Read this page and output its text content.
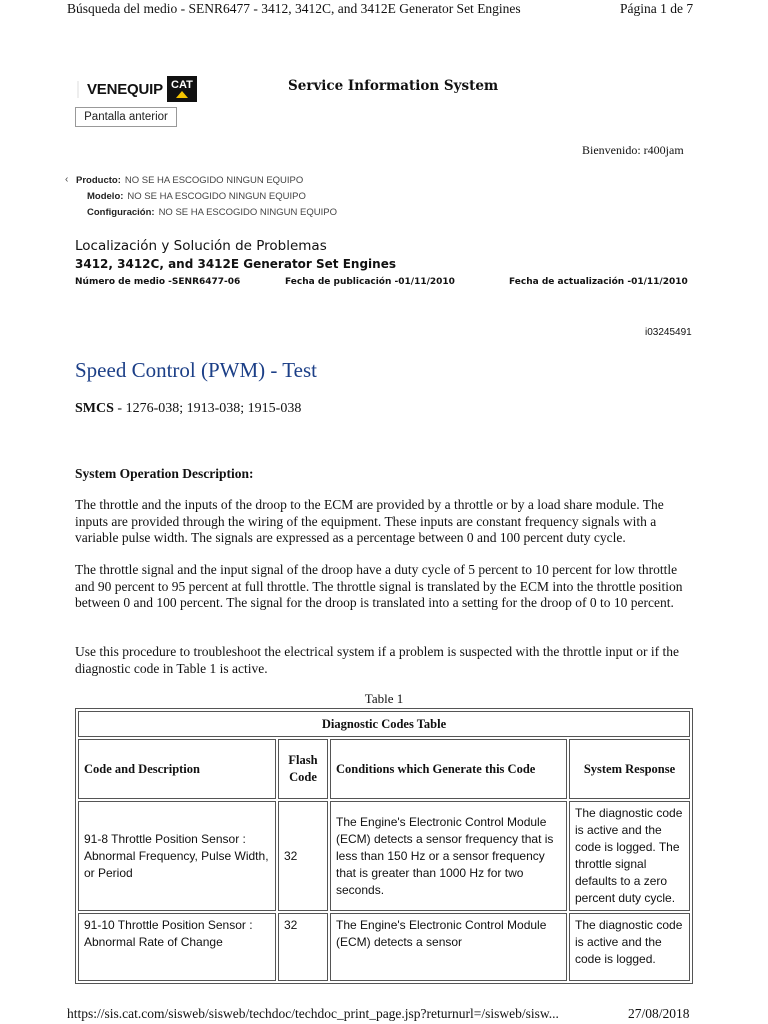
Búsqueda del medio - SENR6477 - 3412, 3412C, and 3412E Generator Set Engines	Página 1 de 7
VENEQUIP CAT
Pantalla anterior
Service Information System
Bienvenido: r400jam
‹ Producto: NO SE HA ESCOGIDO NINGUN EQUIPO
Modelo: NO SE HA ESCOGIDO NINGUN EQUIPO
Configuración: NO SE HA ESCOGIDO NINGUN EQUIPO
Localización y Solución de Problemas
3412, 3412C, and 3412E Generator Set Engines
Número de medio -SENR6477-06	Fecha de publicación -01/11/2010	Fecha de actualización -01/11/2010
i03245491
Speed Control (PWM) - Test
SMCS - 1276-038; 1913-038; 1915-038
System Operation Description:
The throttle and the inputs of the droop to the ECM are provided by a throttle or by a load share module. The inputs are provided through the wiring of the equipment. These inputs are constant frequency signals with a variable pulse width. The signals are expressed as a percentage between 0 and 100 percent duty cycle.
The throttle signal and the input signal of the droop have a duty cycle of 5 percent to 10 percent for low throttle and 90 percent to 95 percent at full throttle. The throttle signal is translated by the ECM into the throttle position between 0 and 100 percent. The signal for the droop is translated into a setting for the droop of 0 to 10 percent.
Use this procedure to troubleshoot the electrical system if a problem is suspected with the throttle input or if the diagnostic code in Table 1 is active.
Table 1
Diagnostic Codes Table			
Code and Description	Flash Code	Conditions which Generate this Code	System Response
91-8 Throttle Position Sensor : Abnormal Frequency, Pulse Width, or Period	32	The Engine's Electronic Control Module (ECM) detects a sensor frequency that is less than 150 Hz or a sensor frequency that is greater than 1000 Hz for two seconds.	The diagnostic code is active and the code is logged. The throttle signal defaults to a zero percent duty cycle.
91-10 Throttle Position Sensor : Abnormal Rate of Change	32	The Engine's Electronic Control Module (ECM) detects a sensor	The diagnostic code is active and the code is logged.
https://sis.cat.com/sisweb/sisweb/techdoc/techdoc_print_page.jsp?returnurl=/sisweb/sisw...	27/08/2018
